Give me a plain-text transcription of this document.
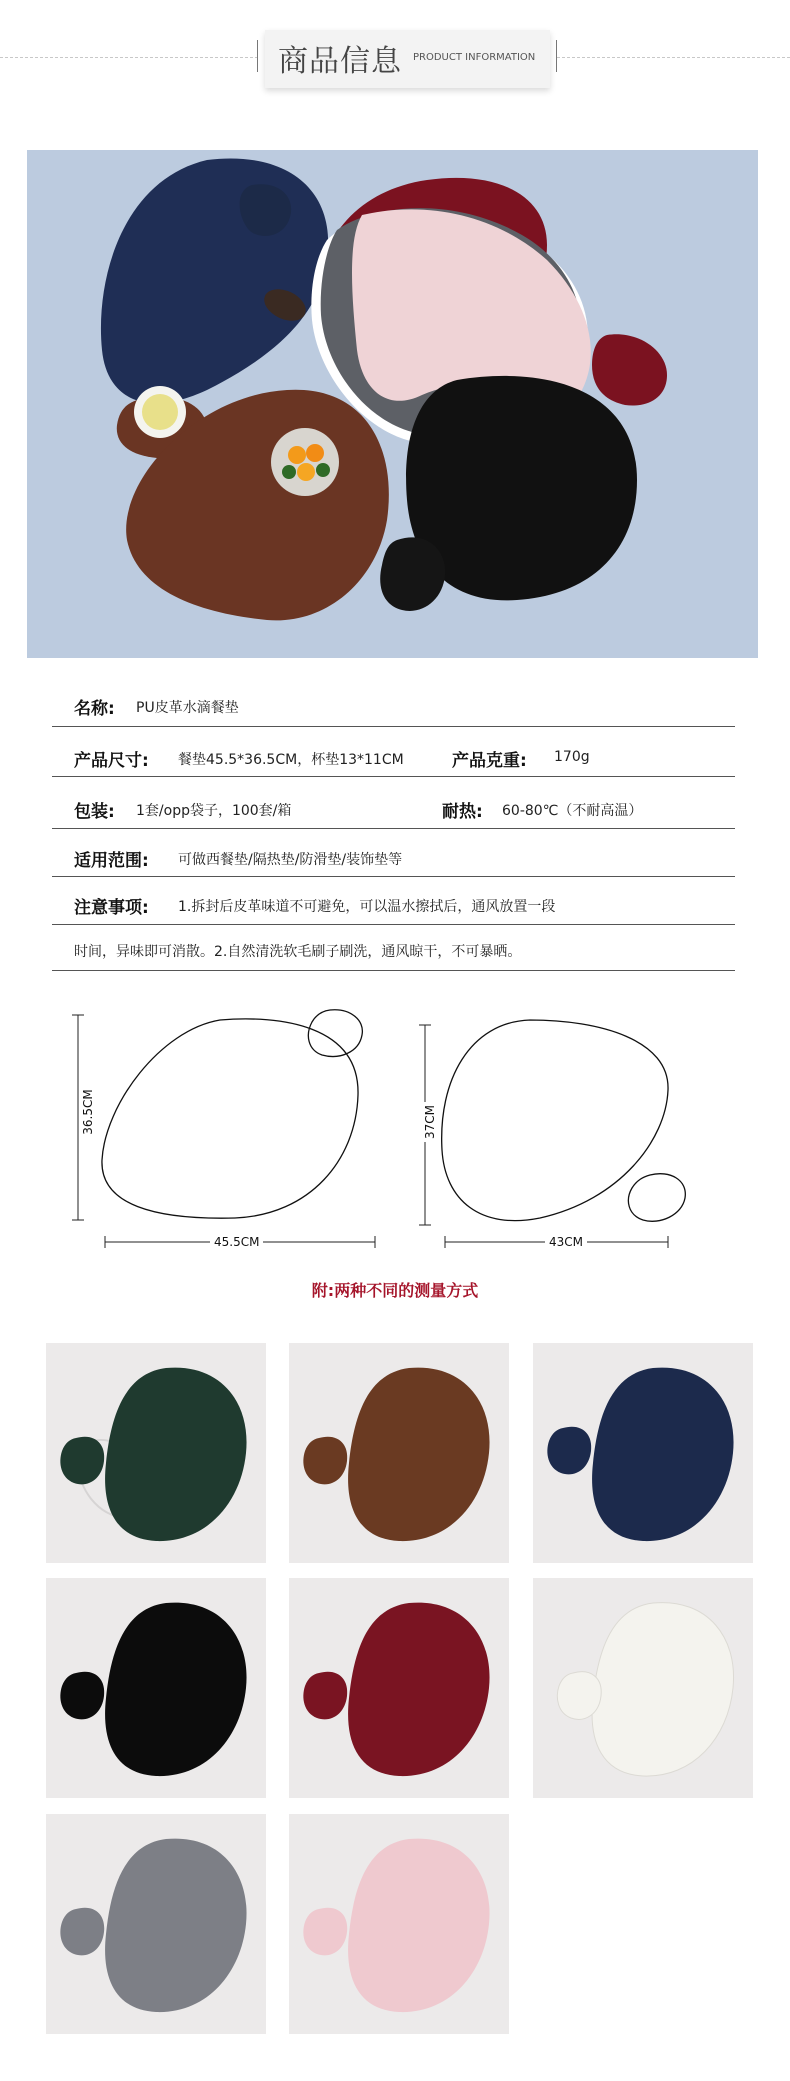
商品信息 PRODUCT INFORMATION
名称: PU皮革水滴餐垫
产品尺寸: 餐垫45.5*36.5CM，杯垫13*11CM	产品克重: 170g
包装: 1套/opp袋子，100套/箱	耐热: 60-80℃（不耐高温）
适用范围: 可做西餐垫/隔热垫/防滑垫/装饰垫等
注意事项: 1.拆封后皮革味道不可避免，可以温水擦拭后，通风放置一段
时间，异味即可消散。2.自然清洗软毛刷子刷洗，通风晾干，不可暴晒。
36.5CM
45.5CM
37CM
43CM
附:两种不同的测量方式
